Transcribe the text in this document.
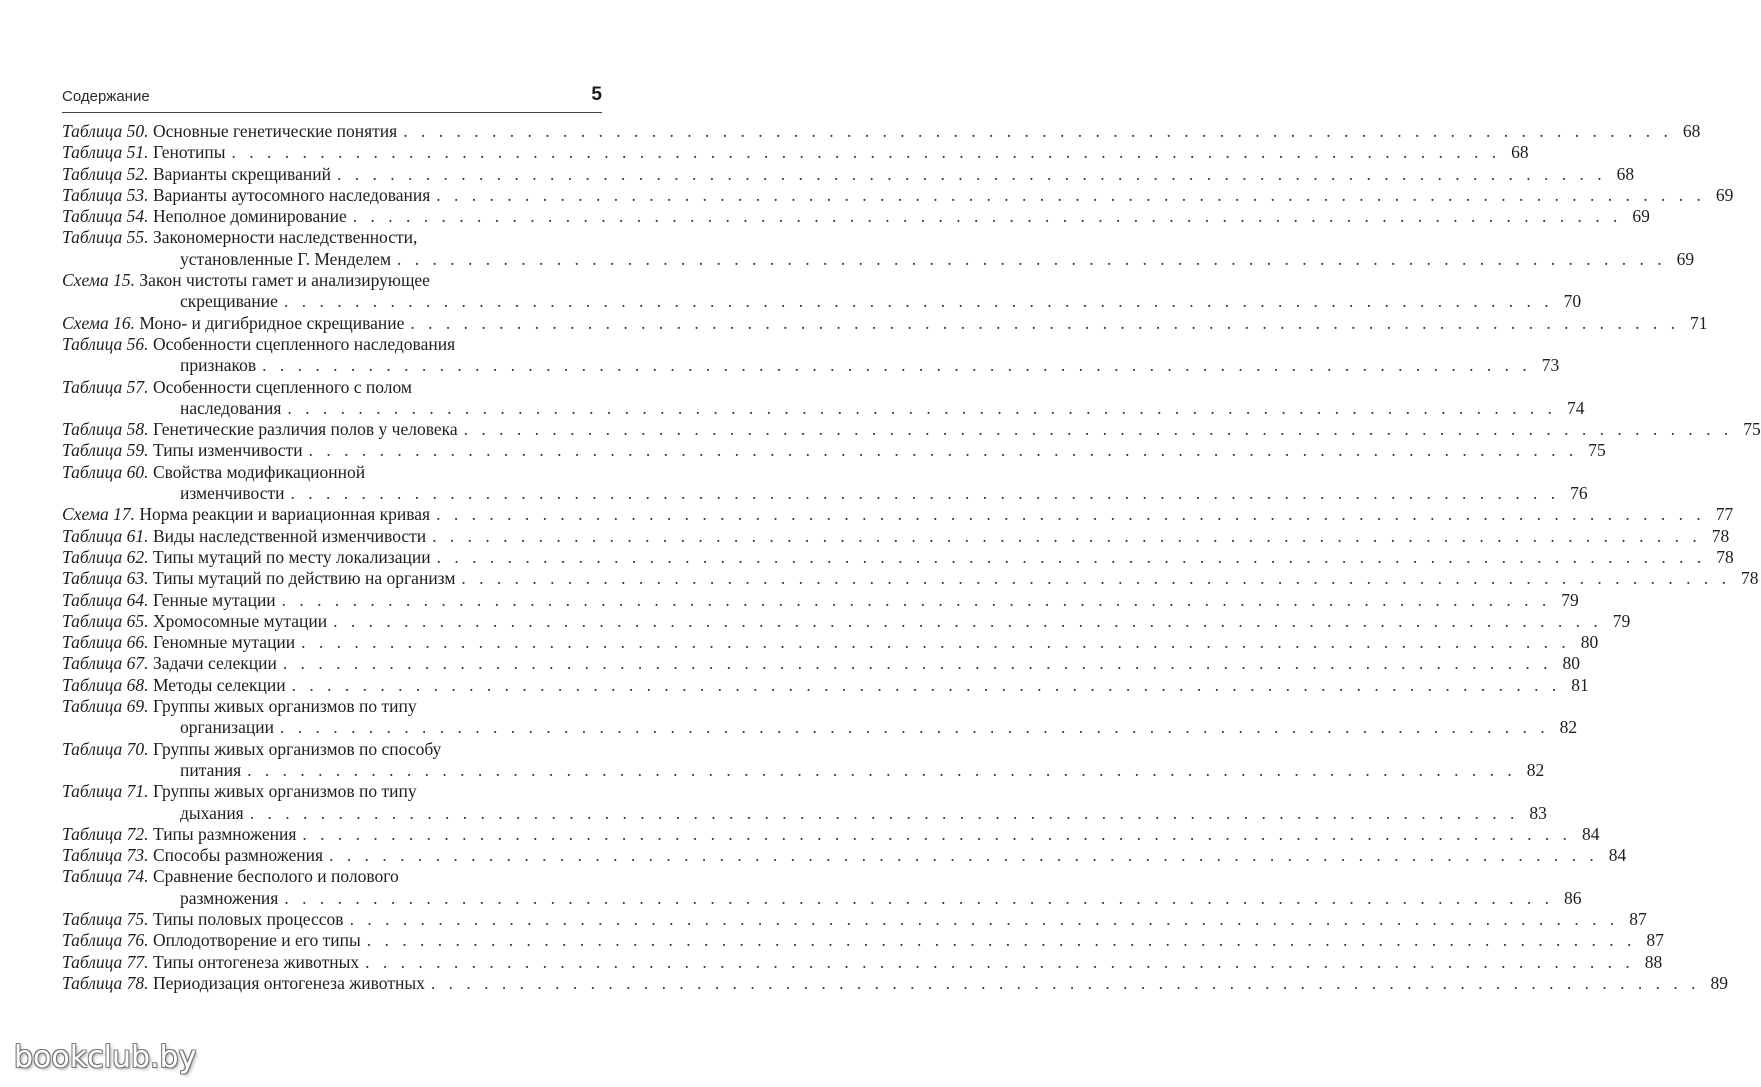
Содержание	5
Таблица 50.
Основные генетические понятия . . . . . . . . . . . . . . . . . . . . . . . . . . . . . . . . . . . . . . . . . . . . . . . . . . . . . . . . . . . . . . . . . . . . . . . . 68
Таблица 51.
Генотипы . . . . . . . . . . . . . . . . . . . . . . . . . . . . . . . . . . . . . . . . . . . . . . . . . . . . . . . . . . . . . . . . . . . . . . . . 68
Таблица 52.
Варианты скрещиваний . . . . . . . . . . . . . . . . . . . . . . . . . . . . . . . . . . . . . . . . . . . . . . . . . . . . . . . . . . . . . . . . . . . . . . . . 68
Таблица 53.
Варианты аутосомного наследования . . . . . . . . . . . . . . . . . . . . . . . . . . . . . . . . . . . . . . . . . . . . . . . . . . . . . . . . . . . . . . . . . . . . . . . . 69
Таблица 54.
Неполное доминирование . . . . . . . . . . . . . . . . . . . . . . . . . . . . . . . . . . . . . . . . . . . . . . . . . . . . . . . . . . . . . . . . . . . . . . . . 69
Таблица 55.
Закономерности наследственности,
установленные Г. Менделем . . . . . . . . . . . . . . . . . . . . . . . . . . . . . . . . . . . . . . . . . . . . . . . . . . . . . . . . . . . . . . . . . . . . . . . . 69
Схема 15.
Закон чистоты гамет и анализирующее
скрещивание . . . . . . . . . . . . . . . . . . . . . . . . . . . . . . . . . . . . . . . . . . . . . . . . . . . . . . . . . . . . . . . . . . . . . . . . 70
Схема 16.
Моно- и дигибридное скрещивание . . . . . . . . . . . . . . . . . . . . . . . . . . . . . . . . . . . . . . . . . . . . . . . . . . . . . . . . . . . . . . . . . . . . . . . . 71
Таблица 56.
Особенности сцепленного наследования
признаков . . . . . . . . . . . . . . . . . . . . . . . . . . . . . . . . . . . . . . . . . . . . . . . . . . . . . . . . . . . . . . . . . . . . . . . . 73
Таблица 57.
Особенности сцепленного с полом
наследования . . . . . . . . . . . . . . . . . . . . . . . . . . . . . . . . . . . . . . . . . . . . . . . . . . . . . . . . . . . . . . . . . . . . . . . . 74
Таблица 58.
Генетические различия полов у человека . . . . . . . . . . . . . . . . . . . . . . . . . . . . . . . . . . . . . . . . . . . . . . . . . . . . . . . . . . . . . . . . . . . . . . . . 75
Таблица 59.
Типы изменчивости . . . . . . . . . . . . . . . . . . . . . . . . . . . . . . . . . . . . . . . . . . . . . . . . . . . . . . . . . . . . . . . . . . . . . . . . 75
Таблица 60.
Свойства модификационной
изменчивости . . . . . . . . . . . . . . . . . . . . . . . . . . . . . . . . . . . . . . . . . . . . . . . . . . . . . . . . . . . . . . . . . . . . . . . . 76
Схема 17.
Норма реакции и вариационная кривая . . . . . . . . . . . . . . . . . . . . . . . . . . . . . . . . . . . . . . . . . . . . . . . . . . . . . . . . . . . . . . . . . . . . . . . . 77
Таблица 61.
Виды наследственной изменчивости . . . . . . . . . . . . . . . . . . . . . . . . . . . . . . . . . . . . . . . . . . . . . . . . . . . . . . . . . . . . . . . . . . . . . . . . 78
Таблица 62.
Типы мутаций по месту локализации . . . . . . . . . . . . . . . . . . . . . . . . . . . . . . . . . . . . . . . . . . . . . . . . . . . . . . . . . . . . . . . . . . . . . . . . 78
Таблица 63.
Типы мутаций по действию на организм . . . . . . . . . . . . . . . . . . . . . . . . . . . . . . . . . . . . . . . . . . . . . . . . . . . . . . . . . . . . . . . . . . . . . . . . 78
Таблица 64.
Генные мутации . . . . . . . . . . . . . . . . . . . . . . . . . . . . . . . . . . . . . . . . . . . . . . . . . . . . . . . . . . . . . . . . . . . . . . . . 79
Таблица 65.
Хромосомные мутации . . . . . . . . . . . . . . . . . . . . . . . . . . . . . . . . . . . . . . . . . . . . . . . . . . . . . . . . . . . . . . . . . . . . . . . . 79
Таблица 66.
Геномные мутации . . . . . . . . . . . . . . . . . . . . . . . . . . . . . . . . . . . . . . . . . . . . . . . . . . . . . . . . . . . . . . . . . . . . . . . . 80
Таблица 67.
Задачи селекции . . . . . . . . . . . . . . . . . . . . . . . . . . . . . . . . . . . . . . . . . . . . . . . . . . . . . . . . . . . . . . . . . . . . . . . . 80
Таблица 68.
Методы селекции . . . . . . . . . . . . . . . . . . . . . . . . . . . . . . . . . . . . . . . . . . . . . . . . . . . . . . . . . . . . . . . . . . . . . . . . 81
Таблица 69.
Группы живых организмов по типу
организации . . . . . . . . . . . . . . . . . . . . . . . . . . . . . . . . . . . . . . . . . . . . . . . . . . . . . . . . . . . . . . . . . . . . . . . . 82
Таблица 70.
Группы живых организмов по способу
питания . . . . . . . . . . . . . . . . . . . . . . . . . . . . . . . . . . . . . . . . . . . . . . . . . . . . . . . . . . . . . . . . . . . . . . . . 82
Таблица 71.
Группы живых организмов по типу
дыхания . . . . . . . . . . . . . . . . . . . . . . . . . . . . . . . . . . . . . . . . . . . . . . . . . . . . . . . . . . . . . . . . . . . . . . . . 83
Таблица 72.
Типы размножения . . . . . . . . . . . . . . . . . . . . . . . . . . . . . . . . . . . . . . . . . . . . . . . . . . . . . . . . . . . . . . . . . . . . . . . . 84
Таблица 73.
Способы размножения . . . . . . . . . . . . . . . . . . . . . . . . . . . . . . . . . . . . . . . . . . . . . . . . . . . . . . . . . . . . . . . . . . . . . . . . 84
Таблица 74.
Сравнение бесполого и полового
размножения . . . . . . . . . . . . . . . . . . . . . . . . . . . . . . . . . . . . . . . . . . . . . . . . . . . . . . . . . . . . . . . . . . . . . . . . 86
Таблица 75.
Типы половых процессов . . . . . . . . . . . . . . . . . . . . . . . . . . . . . . . . . . . . . . . . . . . . . . . . . . . . . . . . . . . . . . . . . . . . . . . . 87
Таблица 76.
Оплодотворение и его типы . . . . . . . . . . . . . . . . . . . . . . . . . . . . . . . . . . . . . . . . . . . . . . . . . . . . . . . . . . . . . . . . . . . . . . . . 87
Таблица 77.
Типы онтогенеза животных . . . . . . . . . . . . . . . . . . . . . . . . . . . . . . . . . . . . . . . . . . . . . . . . . . . . . . . . . . . . . . . . . . . . . . . . 88
Таблица 78.
Периодизация онтогенеза животных . . . . . . . . . . . . . . . . . . . . . . . . . . . . . . . . . . . . . . . . . . . . . . . . . . . . . . . . . . . . . . . . . . . . . . . . 89
bookclub.by
